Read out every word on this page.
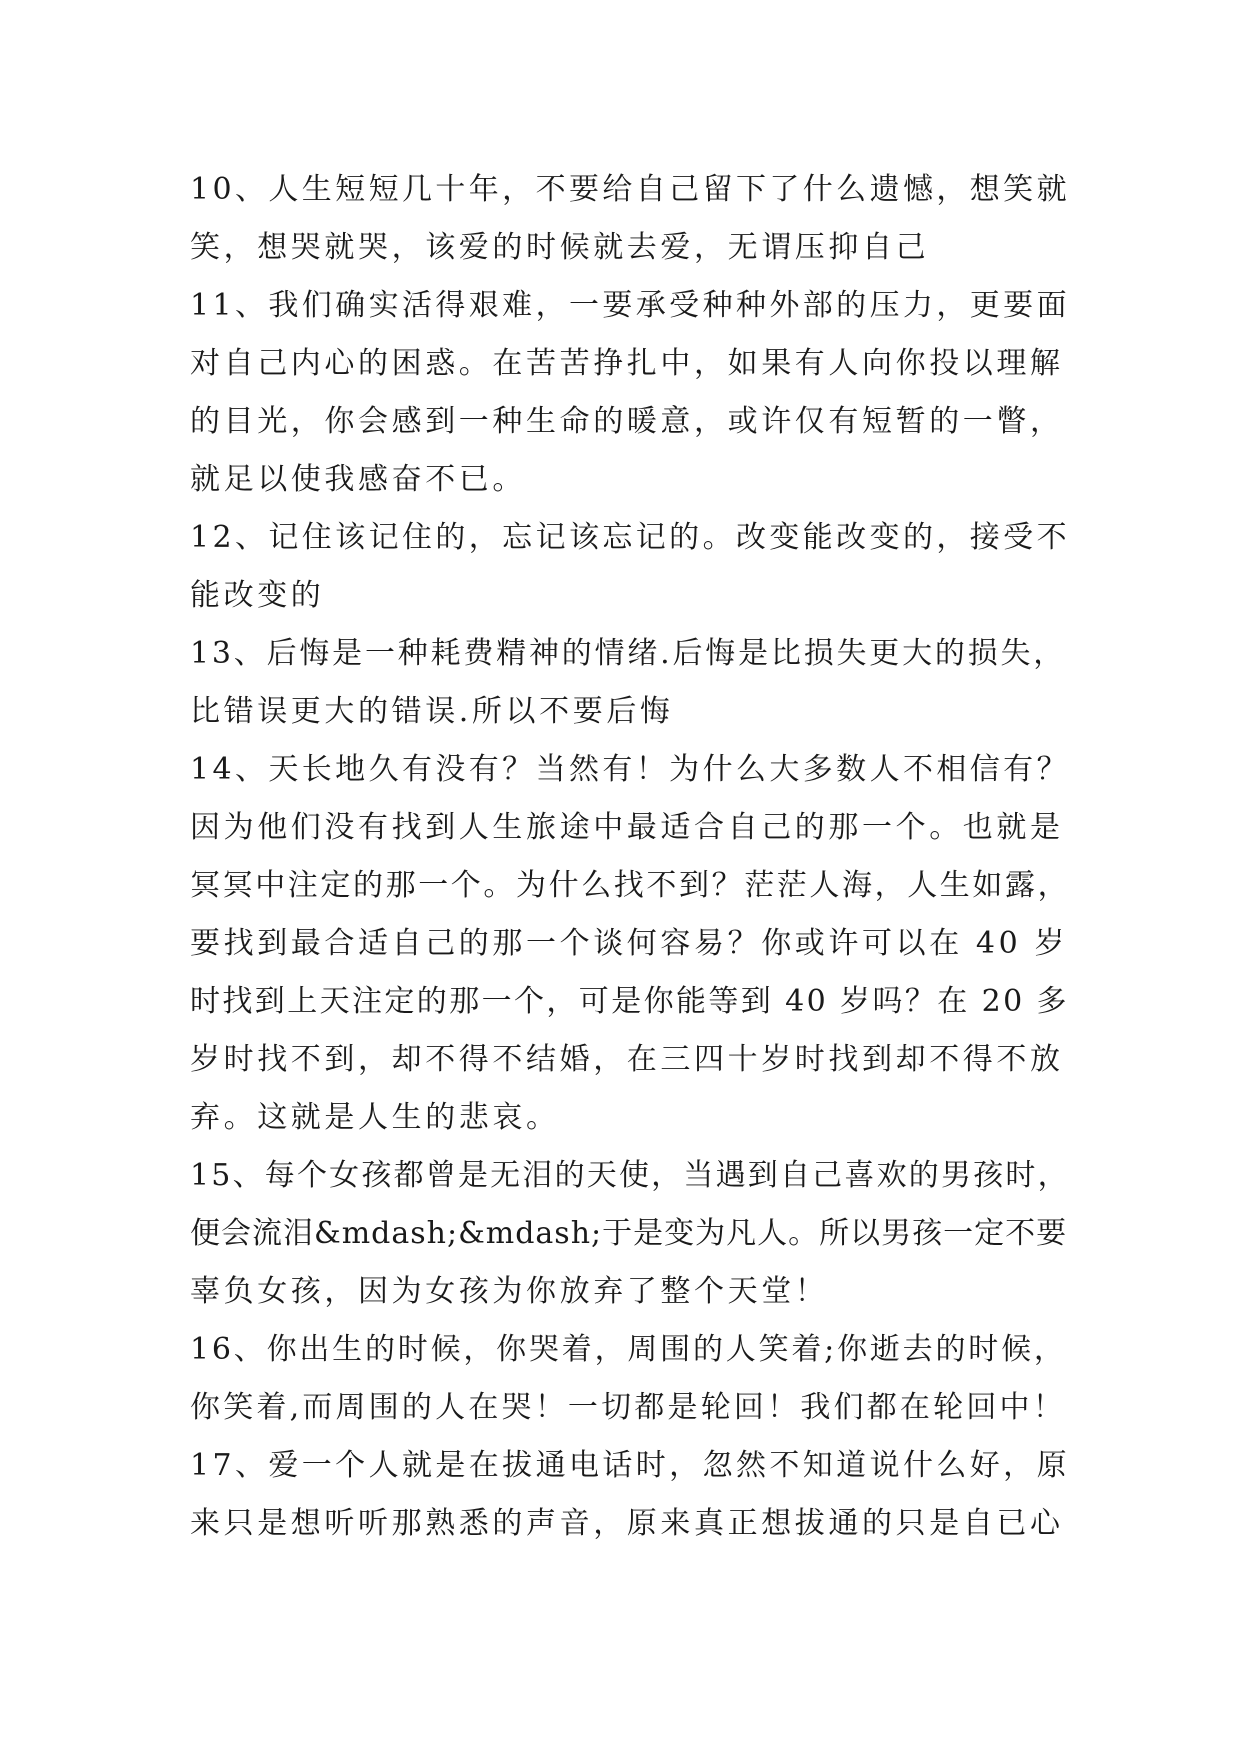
10、人生短短几十年，不要给自己留下了什么遗憾，想笑就
笑，想哭就哭，该爱的时候就去爱，无谓压抑自己
11、我们确实活得艰难，一要承受种种外部的压力，更要面
对自己内心的困惑。在苦苦挣扎中，如果有人向你投以理解
的目光，你会感到一种生命的暖意，或许仅有短暂的一瞥，
就足以使我感奋不已。
12、记住该记住的，忘记该忘记的。改变能改变的，接受不
能改变的
13、后悔是一种耗费精神的情绪.后悔是比损失更大的损失，
比错误更大的错误.所以不要后悔
14、天长地久有没有？当然有！为什么大多数人不相信有？
因为他们没有找到人生旅途中最适合自己的那一个。也就是
冥冥中注定的那一个。为什么找不到？茫茫人海，人生如露，
要找到最合适自己的那一个谈何容易？你或许可以在 40 岁
时找到上天注定的那一个，可是你能等到 40 岁吗？在 20 多
岁时找不到，却不得不结婚，在三四十岁时找到却不得不放
弃。这就是人生的悲哀。
15、每个女孩都曾是无泪的天使，当遇到自己喜欢的男孩时，
便会流泪&mdash;&mdash;于是变为凡人。所以男孩一定不要
辜负女孩，因为女孩为你放弃了整个天堂！
16、你出生的时候，你哭着，周围的人笑着;你逝去的时候，
你笑着,而周围的人在哭！一切都是轮回！我们都在轮回中！
17、爱一个人就是在拔通电话时，忽然不知道说什么好，原
来只是想听听那熟悉的声音，原来真正想拔通的只是自已心
